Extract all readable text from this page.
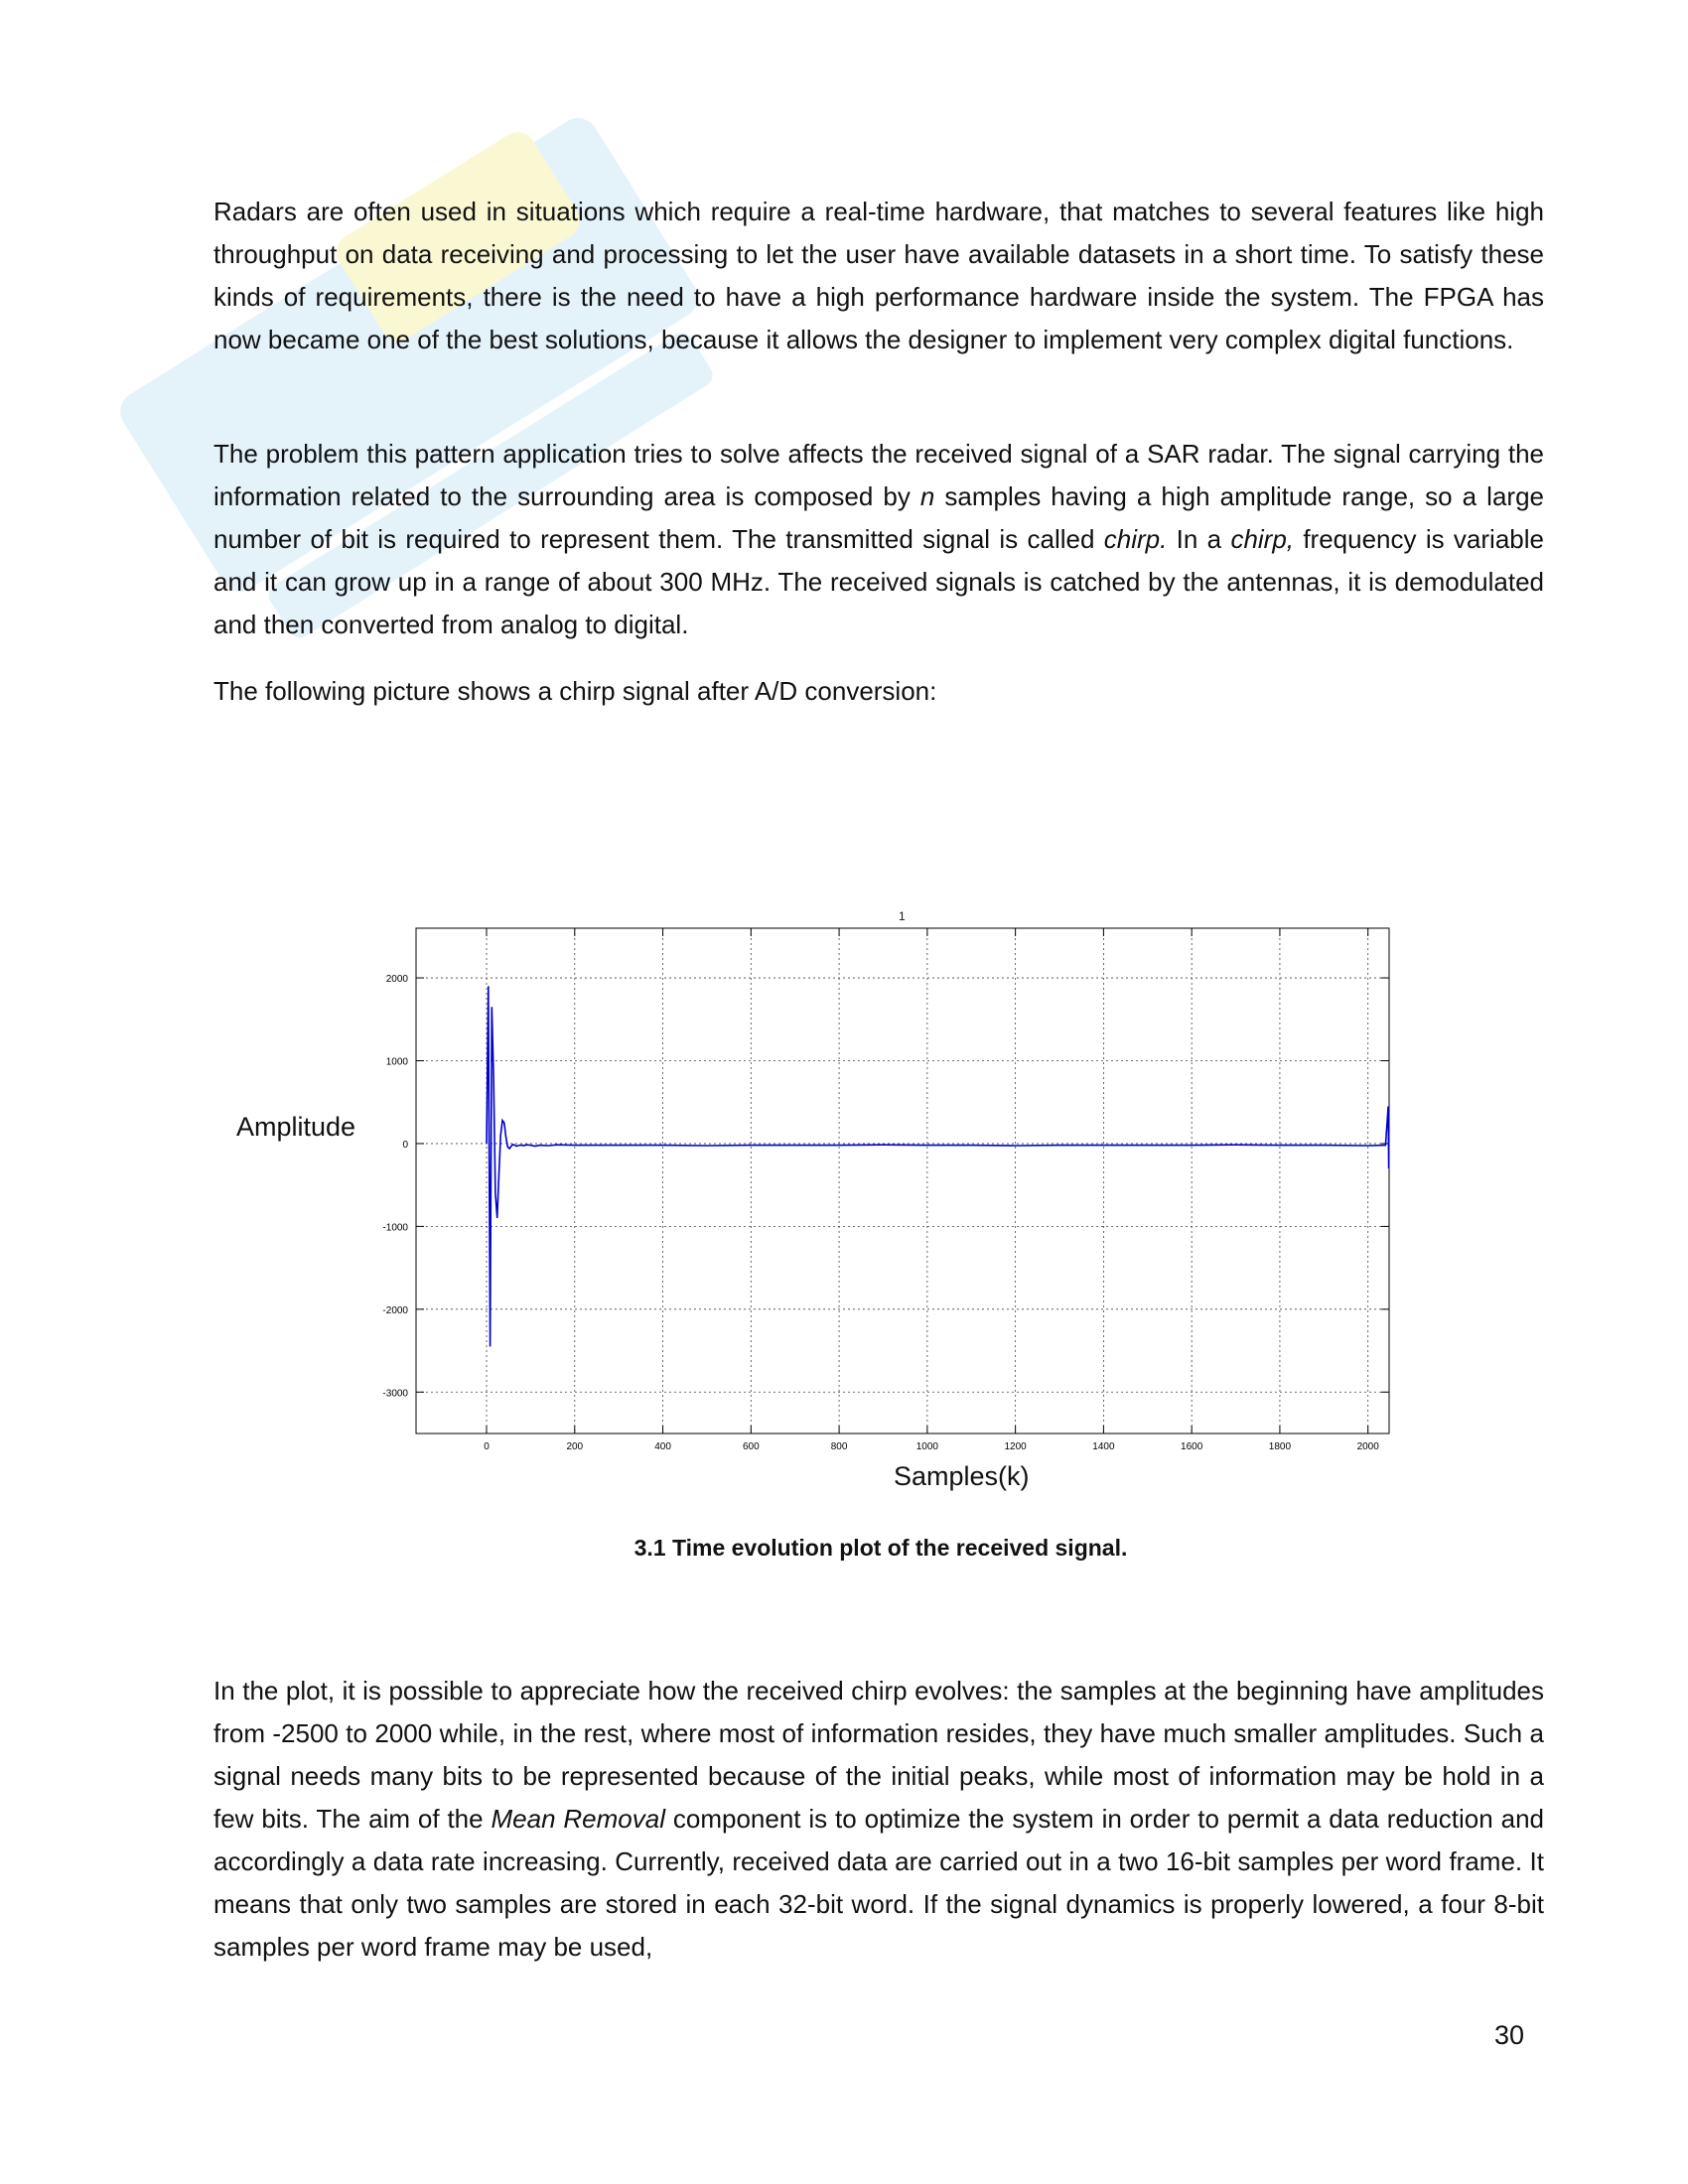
Radars are often used in situations which require a real-time hardware, that matches to several features like high throughput on data receiving and processing to let the user have available datasets in a short time. To satisfy these kinds of requirements, there is the need to have a high performance hardware inside the system. The FPGA has now became one of the best solutions, because it allows the designer to implement very complex digital functions.

The problem this pattern application tries to solve affects the received signal of a SAR radar. The signal carrying the information related to the surrounding area is composed by n samples having a high amplitude range, so a large number of bit is required to represent them. The transmitted signal is called chirp. In a chirp, frequency is variable and it can grow up in a range of about 300 MHz. The received signals is catched by the antennas, it is demodulated and then converted from analog to digital.

The following picture shows a chirp signal after A/D conversion:

1
Amplitude
0	200	400	600	800	1000	1200	1400	1600	1800	2000
-3000
-2000
-1000
0
1000
2000
Samples(k)
3.1 Time evolution plot of the received signal.

In the plot, it is possible to appreciate how the received chirp evolves: the samples at the beginning have amplitudes from -2500 to 2000 while, in the rest, where most of information resides, they have much smaller amplitudes. Such a signal needs many bits to be represented because of the initial peaks, while most of information may be hold in a few bits. The aim of the Mean Removal component is to optimize the system in order to permit a data reduction and accordingly a data rate increasing. Currently, received data are carried out in a two 16-bit samples per word frame. It means that only two samples are stored in each 32-bit word. If the signal dynamics is properly lowered, a four 8-bit samples per word frame may be used,

30
